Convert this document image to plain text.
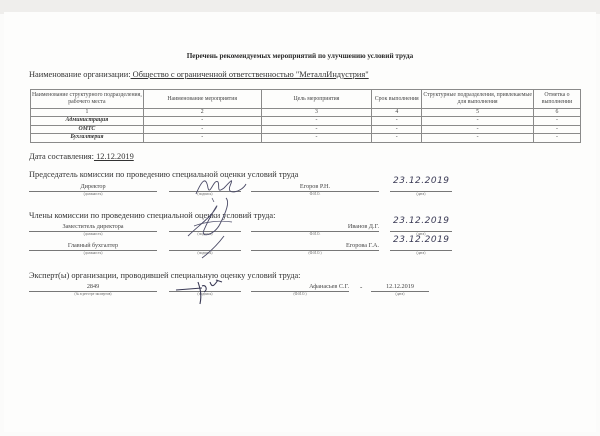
Перечень рекомендуемых мероприятий по улучшению условий труда
Наименование организации: Общество с ограниченной ответственностью "МеталлИндустрия"
Наименование структурного подразделения, рабочего места	Наименование мероприятия	Цель мероприятия	Срок выполнения	Структурные подразделения, привлекаемые для выполнения	Отметка о выполнении
1	2	3	4	5	6
Администрация	-	-	-	-	-
ОМТС	-	-	-	-	-
Бухгалтерия	-	-	-	-	-
Дата составления: 12.12.2019
Председатель комиссии по проведению специальной оценки условий труда
Директор
(должность)	(подпись)
Егоров Р.Н.
Ф.И.О.
23.12.2019
(дата)
Члены комиссии по проведению специальной оценки условий труда:
Заместитель директора
(должность)	(подпись)
Иванов Д.Г.
Ф.И.О.
23.12.2019
(дата)
Главный бухгалтер
(должность)	(подпись)
Егорова Г.А.
(Ф.И.О.)
23.12.2019
(дата)
Эксперт(ы) организации, проводившей специальную оценку условий труда:
2849
(№ в реестре экспертов)	(подпись)
Афанасьев С.Г.
(Ф.И.О.)
-	12.12.2019
(дата)
